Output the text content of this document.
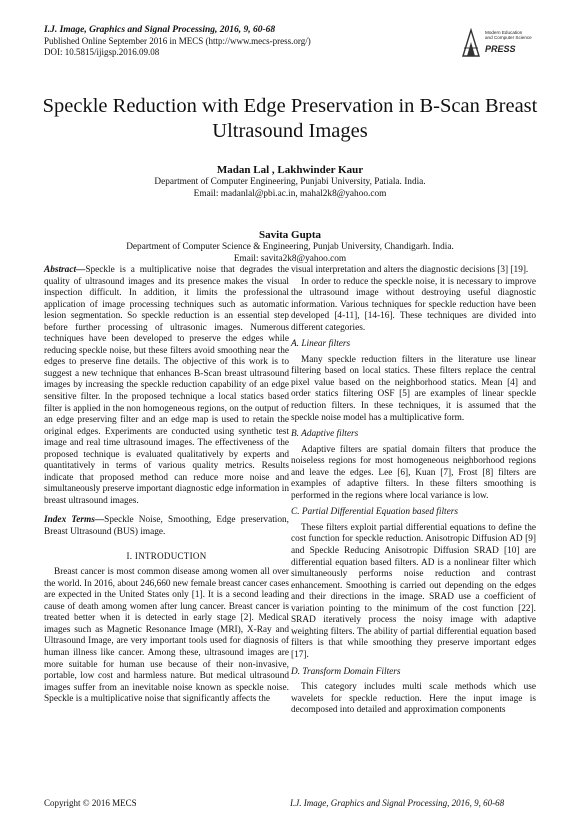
I.J. Image, Graphics and Signal Processing, 2016, 9, 60-68
Published Online September 2016 in MECS (http://www.mecs-press.org/)
DOI: 10.5815/ijigsp.2016.09.08
Modern Education
and Computer Science
PRESS
Speckle Reduction with Edge Preservation in B-Scan Breast Ultrasound Images
Madan Lal , Lakhwinder Kaur
Department of Computer Engineering, Punjabi University, Patiala. India.
Email: madanlal@pbi.ac.in, mahal2k8@yahoo.com
Savita Gupta
Department of Computer Science & Engineering, Punjab University, Chandigarh. India.
Email: savita2k8@yahoo.com

Abstract—Speckle is a multiplicative noise that degrades the quality of ultrasound images and its presence makes the visual inspection difficult. In addition, it limits the professional application of image processing techniques such as automatic lesion segmentation. So speckle reduction is an essential step before further processing of ultrasonic images. Numerous techniques have been developed to preserve the edges while reducing speckle noise, but these filters avoid smoothing near the edges to preserve fine details. The objective of this work is to suggest a new technique that enhances B-Scan breast ultrasound images by increasing the speckle reduction capability of an edge sensitive filter. In the proposed technique a local statics based filter is applied in the non homogeneous regions, on the output of an edge preserving filter and an edge map is used to retain the original edges. Experiments are conducted using synthetic test image and real time ultrasound images. The effectiveness of the proposed technique is evaluated qualitatively by experts and quantitatively in terms of various quality metrics. Results indicate that proposed method can reduce more noise and simultaneously preserve important diagnostic edge information in breast ultrasound images.

Index Terms—Speckle Noise, Smoothing, Edge preservation, Breast Ultrasound (BUS) image.

I. INTRODUCTION

Breast cancer is most common disease among women all over the world. In 2016, about 246,660 new female breast cancer cases are expected in the United States only [1]. It is a second leading cause of death among women after lung cancer. Breast cancer is treated better when it is detected in early stage [2]. Medical images such as Magnetic Resonance Image (MRI), X-Ray and Ultrasound Image, are very important tools used for diagnosis of human illness like cancer. Among these, ultrasound images are more suitable for human use because of their non-invasive, portable, low cost and harmless nature. But medical ultrasound images suffer from an inevitable noise known as speckle noise. Speckle is a multiplicative noise that significantly affects the

visual interpretation and alters the diagnostic decisions [3] [19].

In order to reduce the speckle noise, it is necessary to improve the ultrasound image without destroying useful diagnostic information. Various techniques for speckle reduction have been developed [4-11], [14-16]. These techniques are divided into different categories.

A. Linear filters

Many speckle reduction filters in the literature use linear filtering based on local statics. These filters replace the central pixel value based on the neighborhood statics. Mean [4] and order statics filtering OSF [5] are examples of linear speckle reduction filters. In these techniques, it is assumed that the speckle noise model has a multiplicative form.

B. Adaptive filters

Adaptive filters are spatial domain filters that produce the noiseless regions for most homogeneous neighborhood regions and leave the edges. Lee [6], Kuan [7], Frost [8] filters are examples of adaptive filters. In these filters smoothing is performed in the regions where local variance is low.

C. Partial Differential Equation based filters

These filters exploit partial differential equations to define the cost function for speckle reduction. Anisotropic Diffusion AD [9] and Speckle Reducing Anisotropic Diffusion SRAD [10] are differential equation based filters. AD is a nonlinear filter which simultaneously performs noise reduction and contrast enhancement. Smoothing is carried out depending on the edges and their directions in the image. SRAD use a coefficient of variation pointing to the minimum of the cost function [22]. SRAD iteratively process the noisy image with adaptive weighting filters. The ability of partial differential equation based filters is that while smoothing they preserve important edges [17].

D. Transform Domain Filters

This category includes multi scale methods which use wavelets for speckle reduction. Here the input image is decomposed into detailed and approximation components

Copyright © 2016 MECS	I.J. Image, Graphics and Signal Processing, 2016, 9, 60-68
